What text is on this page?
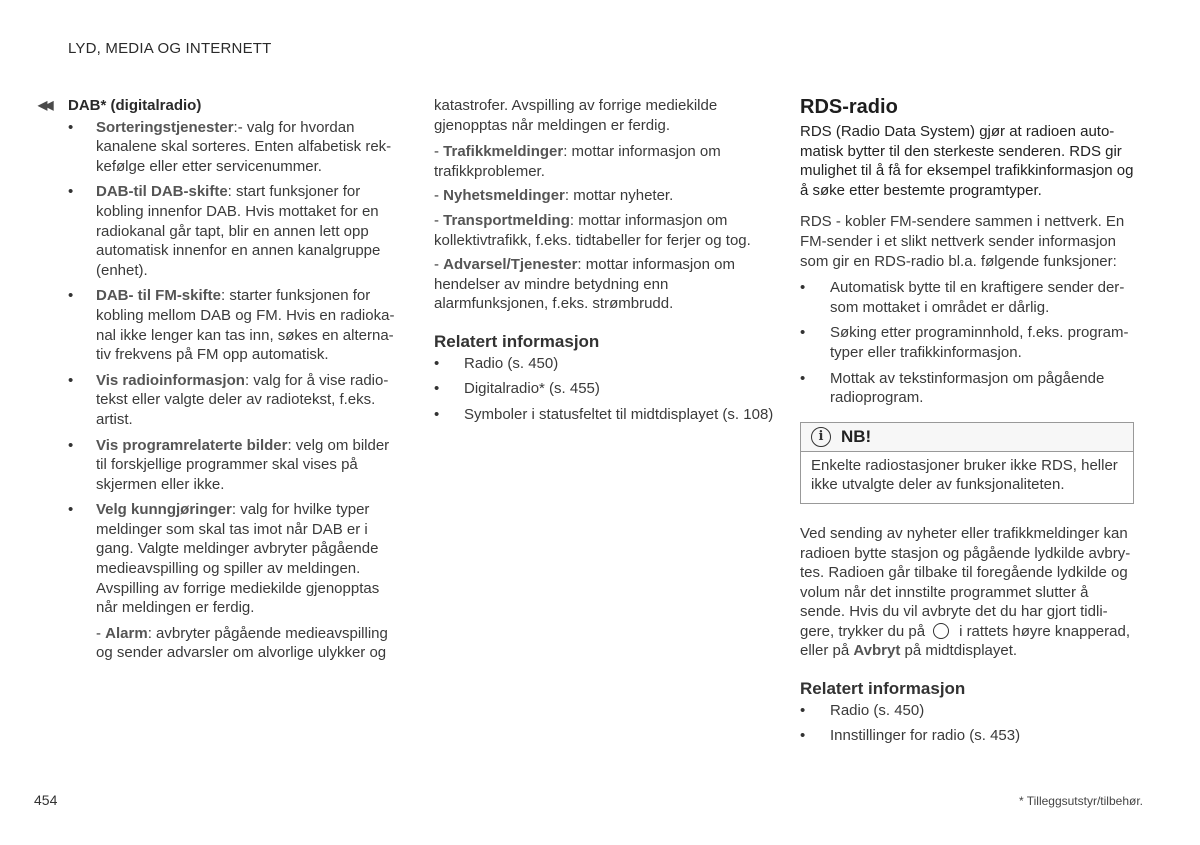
LYD, MEDIA OG INTERNETT
◀◀	DAB* (digitalradio)
• Sorteringstjenester:- valg for hvordan kanalene skal sorteres. Enten alfabetisk rekkefølge eller etter servicenummer.
• DAB-til DAB-skifte: start funksjoner for kobling innenfor DAB. Hvis mottaket for en radiokanal går tapt, blir en annen lett opp automatisk innenfor en annen kanalgruppe (enhet).
• DAB- til FM-skifte: starter funksjonen for kobling mellom DAB og FM. Hvis en radiokanal ikke lenger kan tas inn, søkes en alternativ frekvens på FM opp automatisk.
• Vis radioinformasjon: valg for å vise radiotekst eller valgte deler av radiotekst, f.eks. artist.
• Vis programrelaterte bilder: velg om bilder til forskjellige programmer skal vises på skjermen eller ikke.
• Velg kunngjøringer: valg for hvilke typer meldinger som skal tas imot når DAB er i gang. Valgte meldinger avbryter pågående medieavspilling og spiller av meldingen. Avspilling av forrige mediekilde gjenopptas når meldingen er ferdig.
- Alarm: avbryter pågående medieavspilling og sender advarsler om alvorlige ulykker og
katastrofer. Avspilling av forrige mediekilde gjenopptas når meldingen er ferdig.
- Trafikkmeldinger: mottar informasjon om trafikkproblemer.
- Nyhetsmeldinger: mottar nyheter.
- Transportmelding: mottar informasjon om kollektivtrafikk, f.eks. tidtabeller for ferjer og tog.
- Advarsel/Tjenester: mottar informasjon om hendelser av mindre betydning enn alarmfunksjonen, f.eks. strømbrudd.
Relatert informasjon
• Radio (s. 450)
• Digitalradio* (s. 455)
• Symboler i statusfeltet til midtdisplayet (s. 108)
RDS-radio
RDS (Radio Data System) gjør at radioen automatisk bytter til den sterkeste senderen. RDS gir mulighet til å få for eksempel trafikkinformasjon og å søke etter bestemte programtyper.
RDS - kobler FM-sendere sammen i nettverk. En FM-sender i et slikt nettverk sender informasjon som gir en RDS-radio bl.a. følgende funksjoner:
• Automatisk bytte til en kraftigere sender dersom mottaket i området er dårlig.
• Søking etter programinnhold, f.eks. programtyper eller trafikkinformasjon.
• Mottak av tekstinformasjon om pågående radioprogram.
i	NB!
Enkelte radiostasjoner bruker ikke RDS, heller ikke utvalgte deler av funksjonaliteten.
Ved sending av nyheter eller trafikkmeldinger kan radioen bytte stasjon og pågående lydkilde avbrytes. Radioen går tilbake til foregående lydkilde og volum når det innstilte programmet slutter å sende. Hvis du vil avbryte det du har gjort tidligere, trykker du på i rattets høyre knapperad, eller på Avbryt på midtdisplayet.
Relatert informasjon
• Radio (s. 450)
• Innstillinger for radio (s. 453)
454	* Tilleggsutstyr/tilbehør.
